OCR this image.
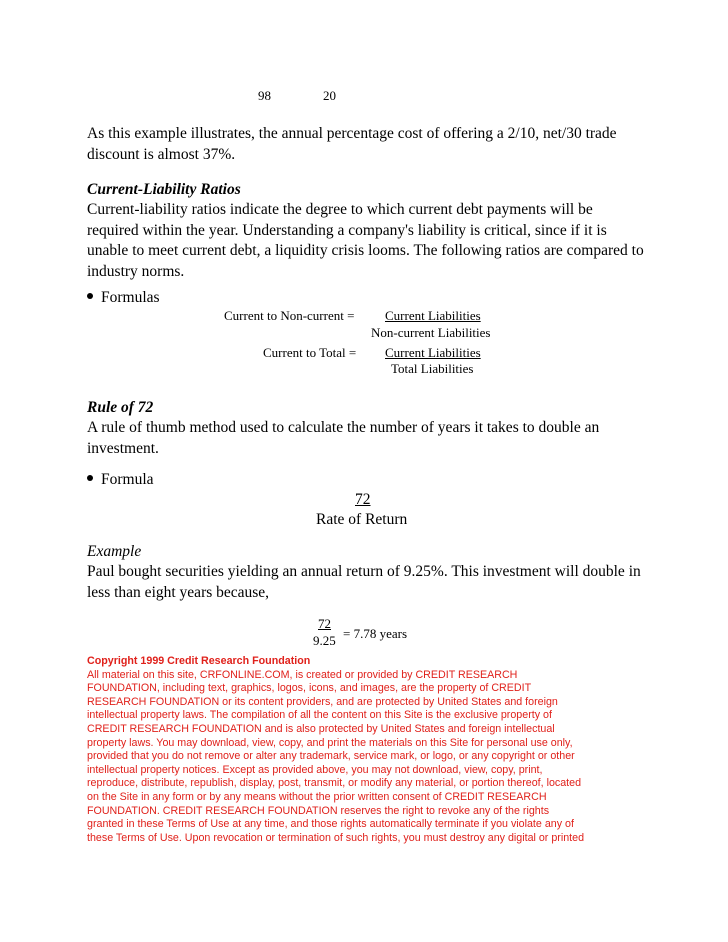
98	20
As this example illustrates, the annual percentage cost of offering a 2/10, net/30 trade discount is almost 37%.
Current-Liability Ratios
Current-liability ratios indicate the degree to which current debt payments will be required within the year. Understanding a company's liability is critical, since if it is unable to meet current debt, a liquidity crisis looms. The following ratios are compared to industry norms.
Formulas
Current to Non-current = Current Liabilities
Non-current Liabilities
Current to Total = Current Liabilities
Total Liabilities
Rule of 72
A rule of thumb method used to calculate the number of years it takes to double an investment.
Formula
72
Rate of Return
Example
Paul bought securities yielding an annual return of 9.25%. This investment will double in less than eight years because,
72
9.25 = 7.78 years
Copyright 1999 Credit Research Foundation
All material on this site, CRFONLINE.COM, is created or provided by CREDIT RESEARCH
FOUNDATION, including text, graphics, logos, icons, and images, are the property of CREDIT
RESEARCH FOUNDATION or its content providers, and are protected by United States and foreign
intellectual property laws. The compilation of all the content on this Site is the exclusive property of
CREDIT RESEARCH FOUNDATION and is also protected by United States and foreign intellectual
property laws. You may download, view, copy, and print the materials on this Site for personal use only,
provided that you do not remove or alter any trademark, service mark, or logo, or any copyright or other
intellectual property notices. Except as provided above, you may not download, view, copy, print,
reproduce, distribute, republish, display, post, transmit, or modify any material, or portion thereof, located
on the Site in any form or by any means without the prior written consent of CREDIT RESEARCH
FOUNDATION. CREDIT RESEARCH FOUNDATION reserves the right to revoke any of the rights
granted in these Terms of Use at any time, and those rights automatically terminate if you violate any of
these Terms of Use. Upon revocation or termination of such rights, you must destroy any digital or printed
